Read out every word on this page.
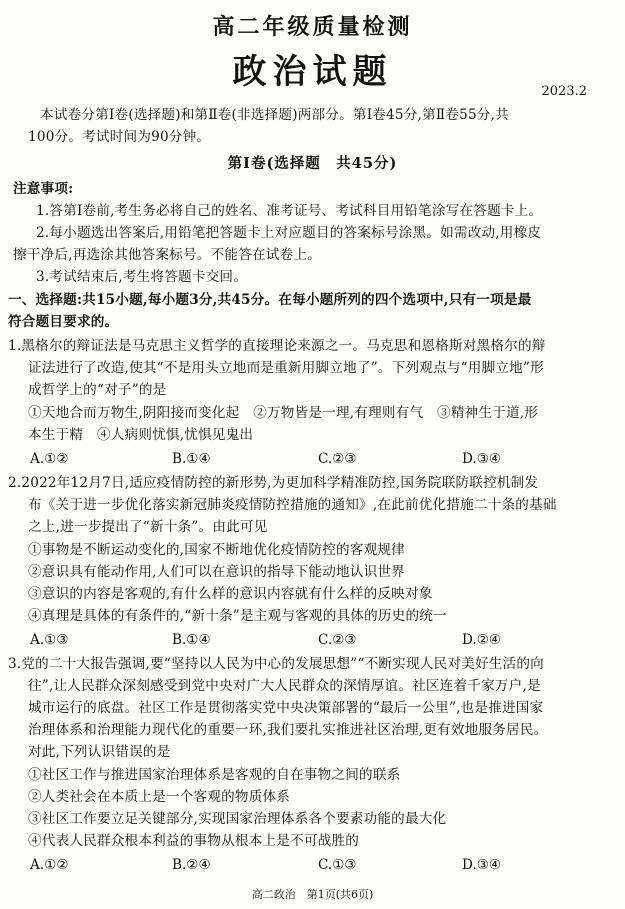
高二年级质量检测
政治试题	2023.2
本试卷分第Ⅰ卷(选择题)和第Ⅱ卷(非选择题)两部分。第Ⅰ卷45分,第Ⅱ卷55分,共
100分。考试时间为90分钟。
第Ⅰ卷(选择题　共45分)
注意事项:
1.答第Ⅰ卷前,考生务必将自己的姓名、准考证号、考试科目用铅笔涂写在答题卡上。
2.每小题选出答案后,用铅笔把答题卡上对应题目的答案标号涂黑。如需改动,用橡皮
擦干净后,再选涂其他答案标号。不能答在试卷上。
3.考试结束后,考生将答题卡交回。
一、选择题:共15小题,每小题3分,共45分。在每小题所列的四个选项中,只有一项是最
符合题目要求的。
1.黑格尔的辩证法是马克思主义哲学的直接理论来源之一。马克思和恩格斯对黑格尔的辩
证法进行了改造,使其“不是用头立地而是重新用脚立地了”。下列观点与“用脚立地”形
成哲学上的“对子”的是
①天地合而万物生,阴阳接而变化起　②万物皆是一理,有理则有气　③精神生于道,形
本生于精　④人病则忧惧,忧惧见鬼出
A.①②	B.①④	C.②③	D.③④
2.2022年12月7日,适应疫情防控的新形势,为更加科学精准防控,国务院联防联控机制发
布《关于进一步优化落实新冠肺炎疫情防控措施的通知》,在此前优化措施二十条的基础
之上,进一步提出了“新十条”。由此可见
①事物是不断运动变化的,国家不断地优化疫情防控的客观规律
②意识具有能动作用,人们可以在意识的指导下能动地认识世界
③意识的内容是客观的,有什么样的意识内容就有什么样的反映对象
④真理是具体的有条件的,“新十条”是主观与客观的具体的历史的统一
A.①③	B.①④	C.②③	D.②④
3.党的二十大报告强调,要“坚持以人民为中心的发展思想”“不断实现人民对美好生活的向
往”,让人民群众深刻感受到党中央对广大人民群众的深情厚谊。社区连着千家万户,是
城市运行的底盘。社区工作是贯彻落实党中央决策部署的“最后一公里”,也是推进国家
治理体系和治理能力现代化的重要一环,我们要扎实推进社区治理,更有效地服务居民。
对此,下列认识错误的是
①社区工作与推进国家治理体系是客观的自在事物之间的联系
②人类社会在本质上是一个客观的物质体系
③社区工作要立足关键部分,实现国家治理体系各个要素功能的最大化
④代表人民群众根本利益的事物从根本上是不可战胜的
A.①②	B.②④	C.①③	D.③④
高二政治　第1页(共6页)
